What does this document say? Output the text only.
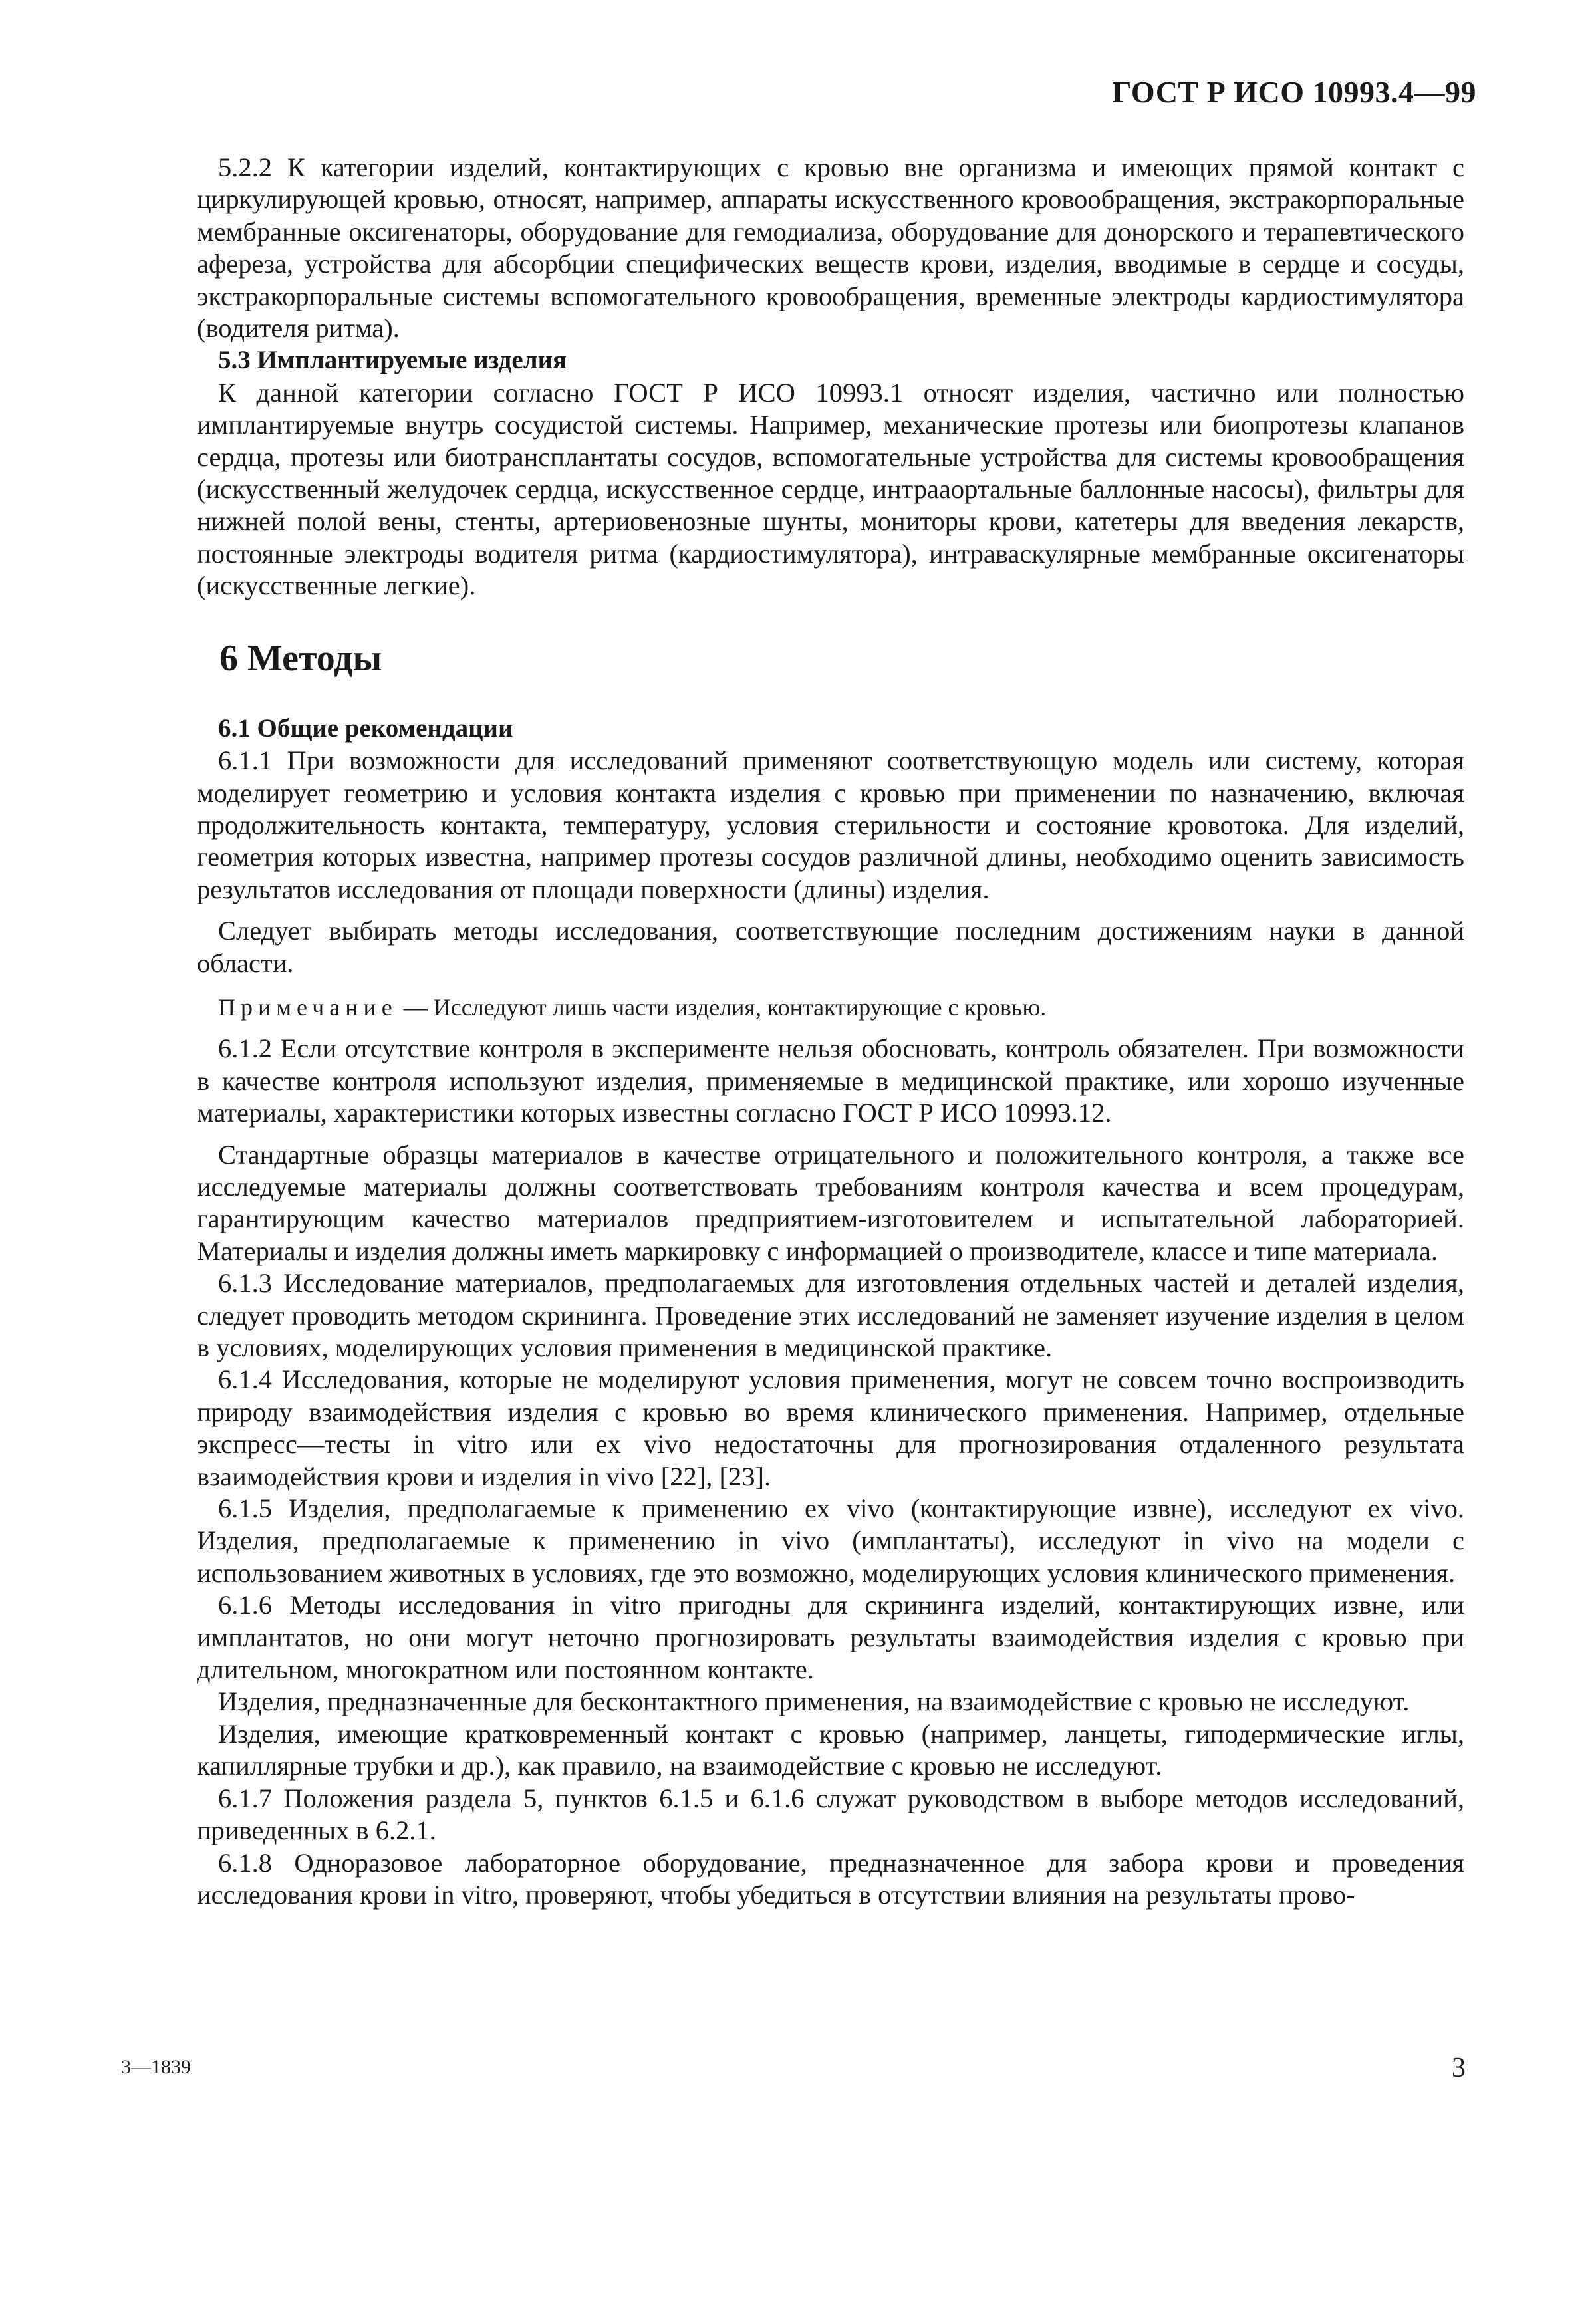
ГОСТ Р ИСО 10993.4—99

5.2.2 К категории изделий, контактирующих с кровью вне организма и имеющих прямой контакт с циркулирующей кровью, относят, например, аппараты искусственного кровообращения, экстракорпоральные мембранные оксигенаторы, оборудование для гемодиализа, оборудование для донорского и терапевтического афереза, устройства для абсорбции специфических веществ крови, изделия, вводимые в сердце и сосуды, экстракорпоральные системы вспомогательного кровообращения, временные электроды кардиостимулятора (водителя ритма).

5.3 Имплантируемые изделия

К данной категории согласно ГОСТ Р ИСО 10993.1 относят изделия, частично или полностью имплантируемые внутрь сосудистой системы. Например, механические протезы или биопротезы клапанов сердца, протезы или биотрансплантаты сосудов, вспомогательные устройства для системы кровообращения (искусственный желудочек сердца, искусственное сердце, интрааортальные баллонные насосы), фильтры для нижней полой вены, стенты, артериовенозные шунты, мониторы крови, катетеры для введения лекарств, постоянные электроды водителя ритма (кардиостимулятора), интраваскулярные мембранные оксигенаторы (искусственные легкие).

6 Методы

6.1 Общие рекомендации

6.1.1 При возможности для исследований применяют соответствующую модель или систему, которая моделирует геометрию и условия контакта изделия с кровью при применении по назначению, включая продолжительность контакта, температуру, условия стерильности и состояние кровотока. Для изделий, геометрия которых известна, например протезы сосудов различной длины, необходимо оценить зависимость результатов исследования от площади поверхности (длины) изделия.

Следует выбирать методы исследования, соответствующие последним достижениям науки в данной области.

Примечание — Исследуют лишь части изделия, контактирующие с кровью.

6.1.2 Если отсутствие контроля в эксперименте нельзя обосновать, контроль обязателен. При возможности в качестве контроля используют изделия, применяемые в медицинской практике, или хорошо изученные материалы, характеристики которых известны согласно ГОСТ Р ИСО 10993.12.

Стандартные образцы материалов в качестве отрицательного и положительного контроля, а также все исследуемые материалы должны соответствовать требованиям контроля качества и всем процедурам, гарантирующим качество материалов предприятием-изготовителем и испытательной лабораторией. Материалы и изделия должны иметь маркировку с информацией о производителе, классе и типе материала.

6.1.3 Исследование материалов, предполагаемых для изготовления отдельных частей и деталей изделия, следует проводить методом скрининга. Проведение этих исследований не заменяет изучение изделия в целом в условиях, моделирующих условия применения в медицинской практике.

6.1.4 Исследования, которые не моделируют условия применения, могут не совсем точно воспроизводить природу взаимодействия изделия с кровью во время клинического применения. Например, отдельные экспресс—тесты in vitro или ex vivo недостаточны для прогнозирования отдаленного результата взаимодействия крови и изделия in vivo [22], [23].

6.1.5 Изделия, предполагаемые к применению ex vivo (контактирующие извне), исследуют ex vivo. Изделия, предполагаемые к применению in vivo (имплантаты), исследуют in vivo на модели с использованием животных в условиях, где это возможно, моделирующих условия клинического применения.

6.1.6 Методы исследования in vitro пригодны для скрининга изделий, контактирующих извне, или имплантатов, но они могут неточно прогнозировать результаты взаимодействия изделия с кровью при длительном, многократном или постоянном контакте.

Изделия, предназначенные для бесконтактного применения, на взаимодействие с кровью не исследуют.

Изделия, имеющие кратковременный контакт с кровью (например, ланцеты, гиподермические иглы, капиллярные трубки и др.), как правило, на взаимодействие с кровью не исследуют.

6.1.7 Положения раздела 5, пунктов 6.1.5 и 6.1.6 служат руководством в выборе методов исследований, приведенных в 6.2.1.

6.1.8 Одноразовое лабораторное оборудование, предназначенное для забора крови и проведения исследования крови in vitro, проверяют, чтобы убедиться в отсутствии влияния на результаты прово-

3—1839	3
